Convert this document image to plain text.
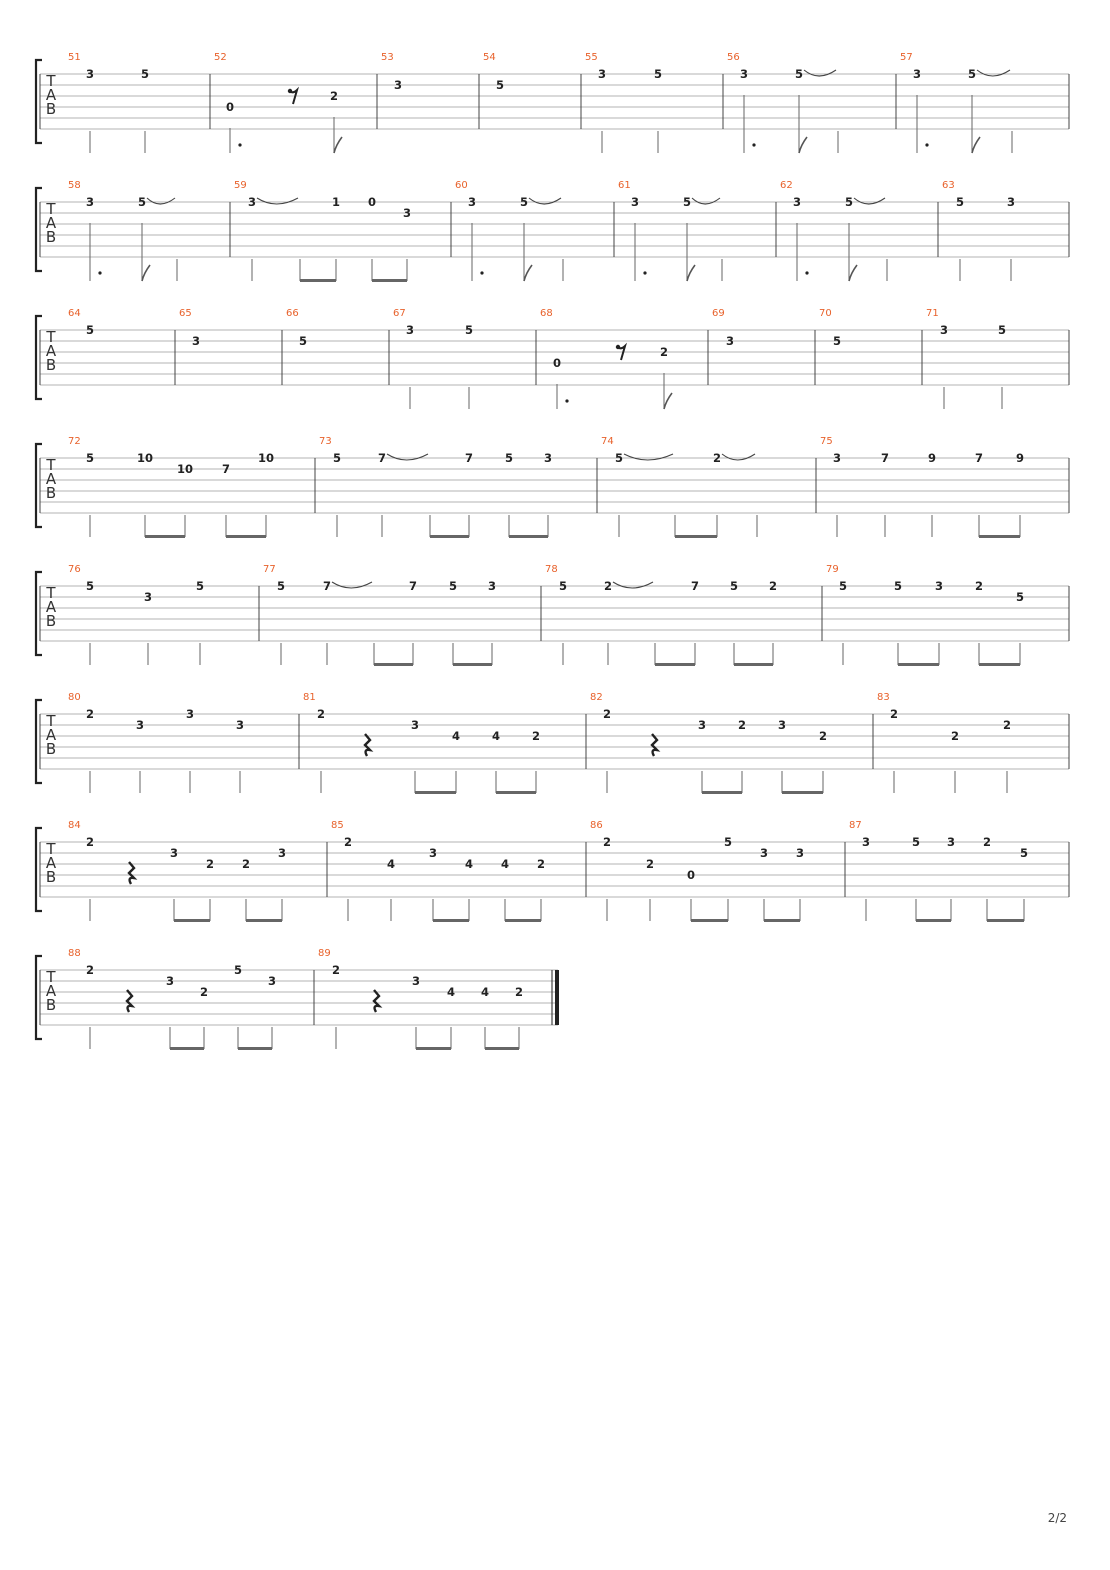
T
A
B
51
3	5
52
0
2
53
3
54
5
55
3	5
56
3	5
57
3	5
T
A
B
58
3	5
59
3	1 0
3
60
3	5
61
3	5
62
3	5
63
5	3
T
A
B
64
5
65
3
66
5
67
3	5
68
0
2
69
3
70
5
71
3	5
T
A
B
72
5	10
10	7
10
73
5	7	7	5	3
74
5	2
75
3	7	9	7	9
T
A
B
76
5
3
5
77
5	7	7	5	3
78
5	2	7	5	2
79
5	5	3	2
5
T
A
B
80
2
3
3
3
81
2
3
4	4	2
82
2
3	2	3
2
83
2
2
2
T
A
B
84
2
3
2 2
3
85
2
4
3
4 4 2
86
2
2
0
5
3 3
87
3	5 3 2
5
T
A
B
88
2
3
2
5
3
89
2
3
4 4 2
2/2
